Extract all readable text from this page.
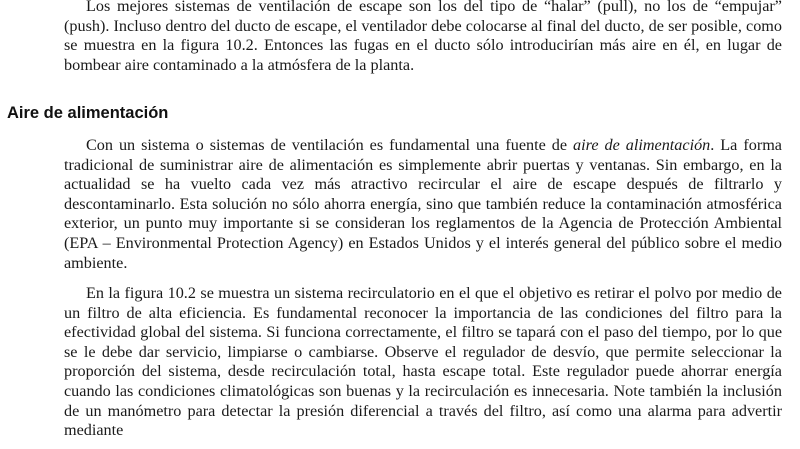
Los mejores sistemas de ventilación de escape son los del tipo de “halar” (pull), no los de “empujar” (push). Incluso dentro del ducto de escape, el ventilador debe colocarse al final del ducto, de ser posible, como se muestra en la figura 10.2. Entonces las fugas en el ducto sólo introducirían más aire en él, en lugar de bombear aire contaminado a la atmósfera de la planta.

Aire de alimentación

Con un sistema o sistemas de ventilación es fundamental una fuente de aire de alimentación. La forma tradicional de suministrar aire de alimentación es simplemente abrir puertas y ventanas. Sin embargo, en la actualidad se ha vuelto cada vez más atractivo recircular el aire de escape después de filtrarlo y descontaminarlo. Esta solución no sólo ahorra energía, sino que también reduce la contaminación atmosférica exterior, un punto muy importante si se consideran los reglamentos de la Agencia de Protección Ambiental (EPA – Environmental Protection Agency) en Estados Unidos y el interés general del público sobre el medio ambiente.

En la figura 10.2 se muestra un sistema recirculatorio en el que el objetivo es retirar el polvo por medio de un filtro de alta eficiencia. Es fundamental reconocer la importancia de las condiciones del filtro para la efectividad global del sistema. Si funciona correctamente, el filtro se tapará con el paso del tiempo, por lo que se le debe dar servicio, limpiarse o cambiarse. Observe el regulador de desvío, que permite seleccionar la proporción del sistema, desde recirculación total, hasta escape total. Este regulador puede ahorrar energía cuando las condiciones climatológicas son buenas y la recirculación es innecesaria. Note también la inclusión de un manómetro para detectar la presión diferencial a través del filtro, así como una alarma para advertir mediante
